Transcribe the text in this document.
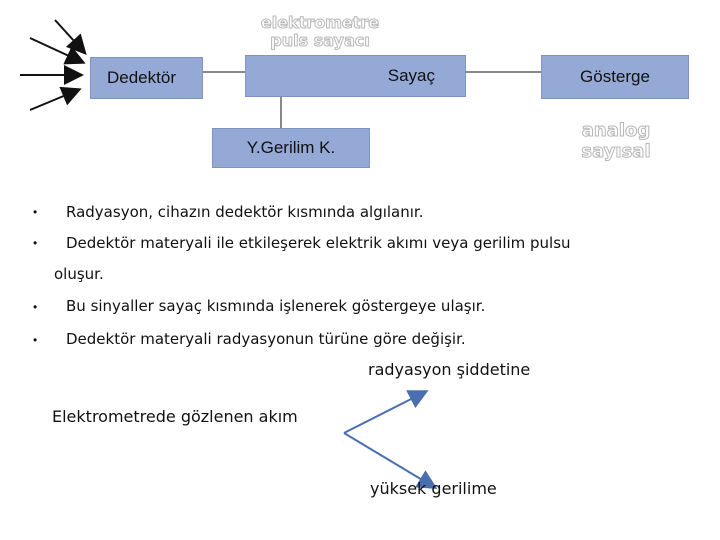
Dedektör	Sayaç	Gösterge
Y.Gerilim K.
elektrometre
puls sayacı
analog
sayısal
• Radyasyon, cihazın dedektör kısmında algılanır.
• Dedektör materyali ile etkileşerek elektrik akımı veya gerilim pulsu
oluşur.
• Bu sinyaller sayaç kısmında işlenerek göstergeye ulaşır.
• Dedektör materyali radyasyonun türüne göre değişir.
radyasyon şiddetine
Elektrometrede gözlenen akım
yüksek gerilime
